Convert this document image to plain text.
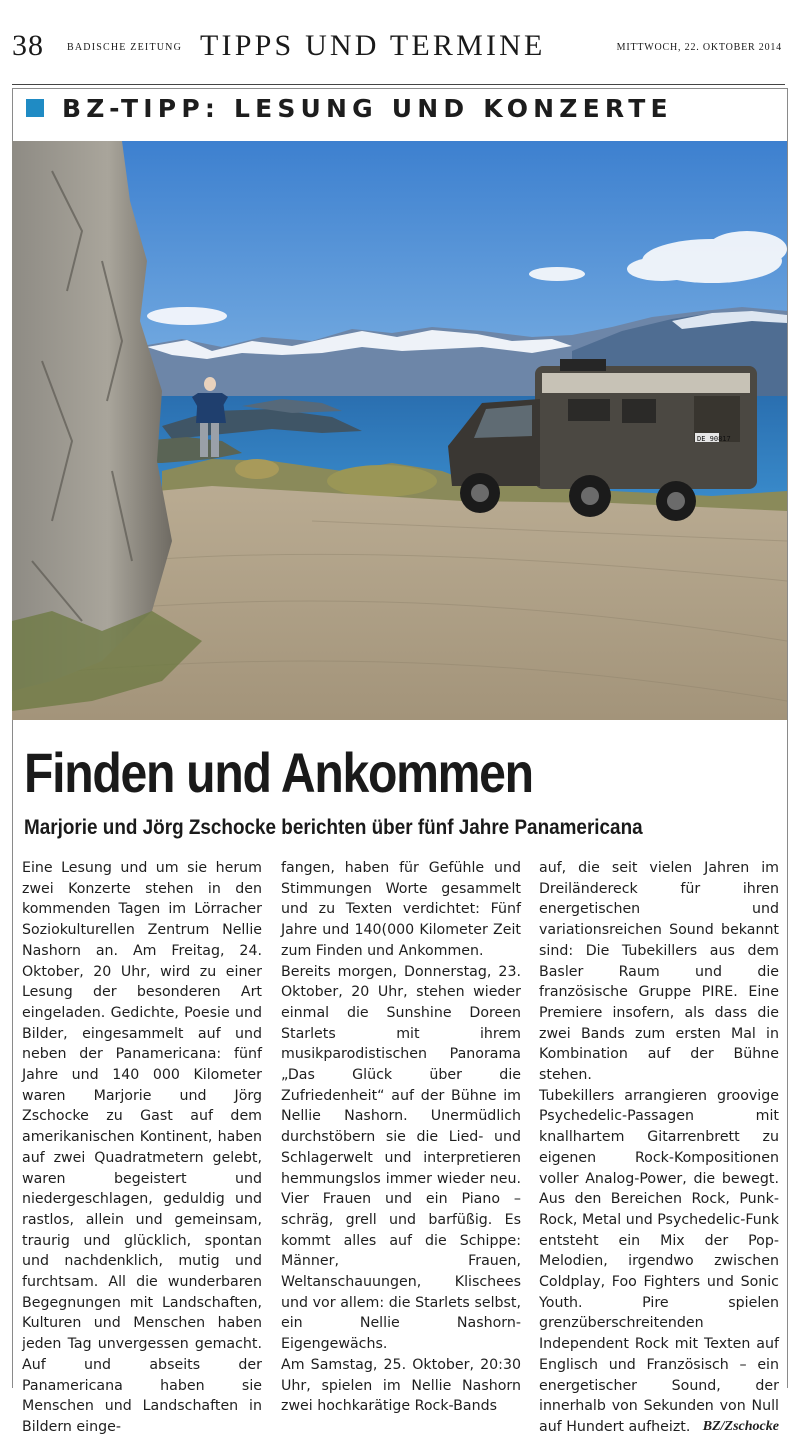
38 BADISCHE ZEITUNG TIPPS UND TERMINE	MITTWOCH, 22. OKTOBER 2014
BZ-TIPP: LESUNG UND KONZERTE
DE 90817
Finden und Ankommen
Marjorie und Jörg Zschocke berichten über fünf Jahre Panamericana

Eine Lesung und um sie herum zwei Konzerte stehen in den kommenden Tagen im Lörracher Soziokulturellen Zentrum Nellie Nashorn an. Am Freitag, 24. Oktober, 20 Uhr, wird zu einer Lesung der besonderen Art eingeladen. Gedichte, Poesie und Bilder, eingesammelt auf und neben der Panamericana: fünf Jahre und 140 000 Kilometer waren Marjorie und Jörg Zschocke zu Gast auf dem amerikanischen Kontinent, haben auf zwei Quadratmetern gelebt, waren begeistert und niedergeschlagen, geduldig und rastlos, allein und gemeinsam, traurig und glücklich, spontan und nachdenklich, mutig und furchtsam. All die wunderbaren Begegnungen mit Landschaften, Kulturen und Menschen haben jeden Tag unvergessen gemacht. Auf und abseits der Panamericana haben sie Menschen und Landschaften in Bildern einge-

fangen, haben für Gefühle und Stimmungen Worte gesammelt und zu Texten verdichtet: Fünf Jahre und 140(000 Kilometer Zeit zum Finden und Ankommen.

Bereits morgen, Donnerstag, 23. Oktober, 20 Uhr, stehen wieder einmal die Sunshine Doreen Starlets mit ihrem musikparodistischen Panorama „Das Glück über die Zufriedenheit“ auf der Bühne im Nellie Nashorn. Unermüdlich durchstöbern sie die Lied- und Schlagerwelt und interpretieren hemmungslos immer wieder neu. Vier Frauen und ein Piano – schräg, grell und barfüßig. Es kommt alles auf die Schippe: Männer, Frauen, Weltanschauungen, Klischees und vor allem: die Starlets selbst, ein Nellie Nashorn-Eigengewächs.

Am Samstag, 25. Oktober, 20:30 Uhr, spielen im Nellie Nashorn zwei hochkarätige Rock-Bands

auf, die seit vielen Jahren im Dreiländereck für ihren energetischen und variationsreichen Sound bekannt sind: Die Tubekillers aus dem Basler Raum und die französische Gruppe PIRE. Eine Premiere insofern, als dass die zwei Bands zum ersten Mal in Kombination auf der Bühne stehen.

Tubekillers arrangieren groovige Psychedelic-Passagen mit knallhartem Gitarrenbrett zu eigenen Rock-Kompositionen voller Analog-Power, die bewegt. Aus den Bereichen Rock, Punk-Rock, Metal und Psychedelic-Funk entsteht ein Mix der Pop-Melodien, irgendwo zwischen Coldplay, Foo Fighters und Sonic Youth. Pire spielen grenzüberschreitenden Independent Rock mit Texten auf Englisch und Französisch – ein energetischer Sound, der innerhalb von Sekunden von Null auf Hundert aufheizt. BZ/Zschocke
